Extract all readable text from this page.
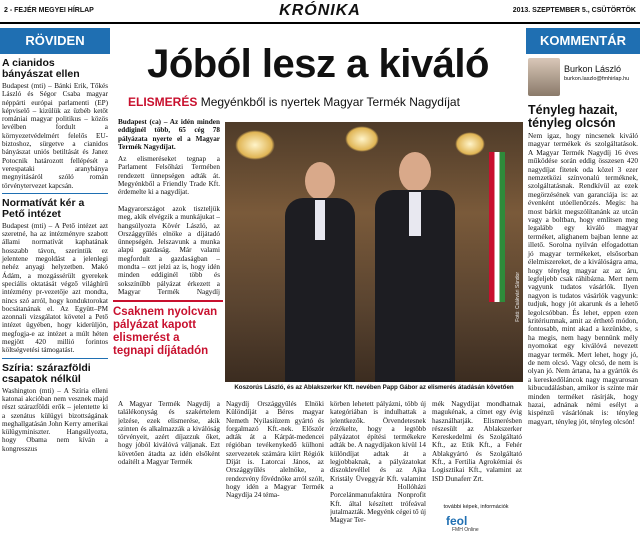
2 - FEJÉR MEGYEI HÍRLAP	KRÓNIKA	2013. SZEPTEMBER 5., CSÜTÖRTÖK
RÖVIDEN
A cianidos bányászat ellen
Budapest (mti) – Bánki Erik, Tőkés László és Ségor Csaba magyar néppárti európai parlamenti (EP) képviselő – kizülük az üzbéb ketőt romániai magyar politikus – közös levélben fordult a környezetvédelmért felelős EU-biztoshoz, sürgetve a cianidos bányászat uniós betiltását és Janez Potocnik határozott fellépését a verespataki aranybánya megnyitásáról szóló román törvénytervezet kapcsán.
Normatívát kér a Pető intézet
Budapest (mti) – A Pető intézet azt szeretné, ha az intézményre szabott állami normatívát kaphatának hosszabb távon, szerintük ez jelentene megoldást a jelenlegi nehéz anyagi helyzetben. Makó Ádám, a mozgássérült gyerekek speciális oktatását végző világhírű intézmény pr-vezetője azt mondta, nincs szó arról, hogy konduktorokat bocsátanának el. Az Együtt–PM azonnali vizsgálatot követel a Pető intézet ügyében, hogy kiderüljön, megfogja-e az intézet a múlt héten megjött 420 millió forintos költségvetési támogatást.
Szíria: szárazföldi csapatok nélkül
Washington (mti) – A Szíria elleni katonai akcióban nem vesznek majd részt szárazföldi erők – jelentette ki a szenátus külügyi bizottságának meghallgatásán John Kerry amerikai külügyminiszter. Hangsúlyozta, hogy Obama nem kíván a kongresszus
Jóból lesz a kiváló
ELISMERÉS Megyénkből is nyertek Magyar Termék Nagydíjat
Budapest (ca) – Az idén minden eddiginél több, 65 cég 78 pályázata nyerte el a Magyar Termék Nagydíjat.
Az elismeréseket tegnap a Parlament Felsőházi Termében rendezett ünnepségen adták át. Megyénkből a Friendly Trade Kft. érdemelte ki a nagydíjat.

Magyarországot azok tiszteljük meg, akik elvégzik a munkájukat – hangsúlyozta Kövér László, az Országgyűlés elnöke a díjátadó ünnepségén. Jelszavunk a munka alapú gazdaság. Már valami megfordult a gazdaságban – mondta – ezt jelzi az is, hogy idén minden eddiginél több és sokszínűbb pályázat érkezett a Magyar Termék Nagydíj
Csaknem nyolcvan pályázat kapott elismerést a tegnapi díjátadón
Fotó: Csákvári Sándor
Koszorús László, és az Ablakszerker Kft. nevében Papp Gábor az elismerés átadásán követően
A Magyar Termék Nagydíj a találékonyság és szakértelem jelzése, ezek elismerése, akik szinten és alkalmazzák a kiválóság törvényeit, azért díjazzuk őket, hogy jóból kiválóvá váljanak. Ezt követően átadta az idén elsőként odaítélt a Magyar Termék
Nagydíj Országgyűlés Elnöki Különdíját a Béres magyar Nemeth Nyilasiüzem gyártó és forgalmazó Kft.-nek. Először adták át a Kárpát-medencei régióban tevékenykedő külhoni szervezetek számára kiírt Régiók Díját is. Latorcai János, az Országgyűlés alelnöke, a rendezvény fővédnöke arról szólt, hogy idén a Magyar Termék Nagydíja 24 téma-
körben lehetett pályázni, több új kategóriában is indulhattak a jelentkezők. Örvendetesnek érzékelte, hogy a legtöbb pályázatot építési termékekre adták be. A nagydíjakon kívül 14 különdíjat adtak át a legjobbaknak, a pályázatokat díszoklevéllel és az Ajka Kristály Üveggyár Kft. valamint a Hollóházi Porcelánmanufaktúra Nonprofit Kft. által készített trófeával jutalmazták. Megyénk cégei tő új Magyar Ter-
mék Nagydíjat mondhatnak magukénak, a címet egy évig használhatják. Elismerésben részesült az Ablakszerker Kereskedelmi és Szolgáltató Kft., az Etik Kft., a Fehér Ablakgyártó és Szolgáltató Kft., a Fertilia Agrokémiai és Logisztikai Kft., valamint az ISD Dunaferr Zrt.
további képek, információk
feol
FMH Online
KOMMENTÁR
Burkon László
burkon.laszlo@fmhirlap.hu
Tényleg hazait, tényleg olcsón
Nem igaz, hogy nincsenek kiváló magyar termékek és szolgáltatások. A Magyar Termék Nagydíj 16 éves működése során eddig összesen 420 nagydíjat fitetek oda közel 3 ezer nemzetközi színvonalú terméknek, szolgáltatásnak. Rendkívül az ezek megörzésének van garanciája is: az évenként utóellenőrzés. Megis: ha most bárkit megszólítanánk az utcán vagy a boltban, hogy említsen meg legalább egy kiváló magyar terméket, alighanem bajban lenne az illető. Sorolna nyilván elfogadottan jó magyar termékeket, elsősorban élelmiszereket, de a kiválóságra ama, hogy tényleg magyar az az áru, legfeljebb csak ráhibázna. Mert nem vagyunk tudatos vásárlók. Ilyen nagyon is tudatos vásárlók vagyunk: tudjuk, hogy jót akarunk és a lehető legolcsóbban. És lehet, eppen ezen kritériumnak, amit az érthető módon, fontosabb, mint akad a kezünkbe, s ha megis, nem hagy bennünk mély nyomokat egy kiválóvá nevezett magyar termék. Mert lehet, hogy jó, de nem olcsó. Vagy olcsó, de nem is olyan jó. Nem ártana, ha a gyártók és a kereskedőláncok nagy magyarosan kibucudálásban, amikor is színte már minden terméket rásírják, hogy hazai, adnának némi esélyt a kispénzű vásárlónak is: tényleg magyart, tényleg jót, tényleg olcsón!
